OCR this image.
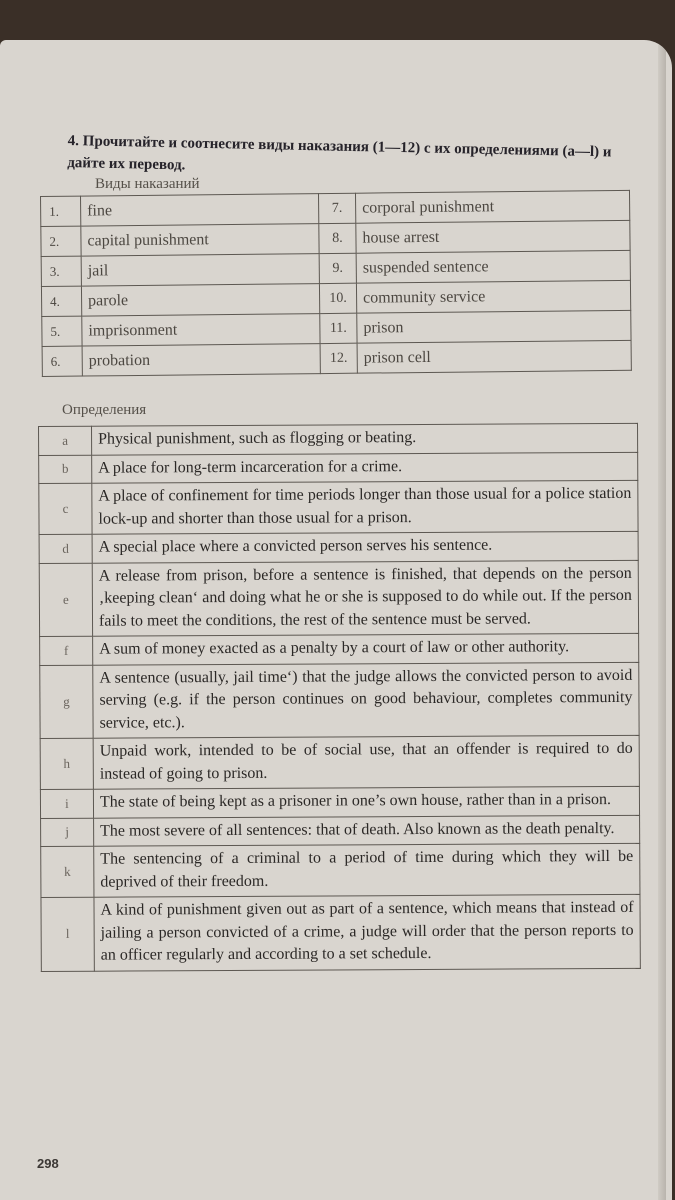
4. Прочитайте и соотнесите виды наказания (1—12) с их определениями (a—l) и дайте их перевод.
Виды наказаний
1.	fine	7.	corporal punishment
2.	capital punishment	8.	house arrest
3.	jail	9.	suspended sentence
4.	parole	10.	community service
5.	imprisonment	11.	prison
6.	probation	12.	prison cell
Определения
a	Physical punishment, such as flogging or beating.
b	A place for long-term incarceration for a crime.
c	A place of confinement for time periods longer than those usual for a police station lock-up and shorter than those usual for a prison.
d	A special place where a convicted person serves his sentence.
e	A release from prison, before a sentence is finished, that depends on the person ‚keeping clean‘ and doing what he or she is supposed to do while out. If the person fails to meet the conditions, the rest of the sentence must be served.
f	A sum of money exacted as a penalty by a court of law or other authority.
g	A sentence (usually, jail time‘) that the judge allows the convicted person to avoid serving (e.g. if the person continues on good behaviour, completes community service, etc.).
h	Unpaid work, intended to be of social use, that an offender is required to do instead of going to prison.
i	The state of being kept as a prisoner in one’s own house, rather than in a prison.
j	The most severe of all sentences: that of death. Also known as the death penalty.
k	The sentencing of a criminal to a period of time during which they will be deprived of their freedom.
l	A kind of punishment given out as part of a sentence, which means that instead of jailing a person convicted of a crime, a judge will order that the person reports to an officer regularly and according to a set schedule.
298
